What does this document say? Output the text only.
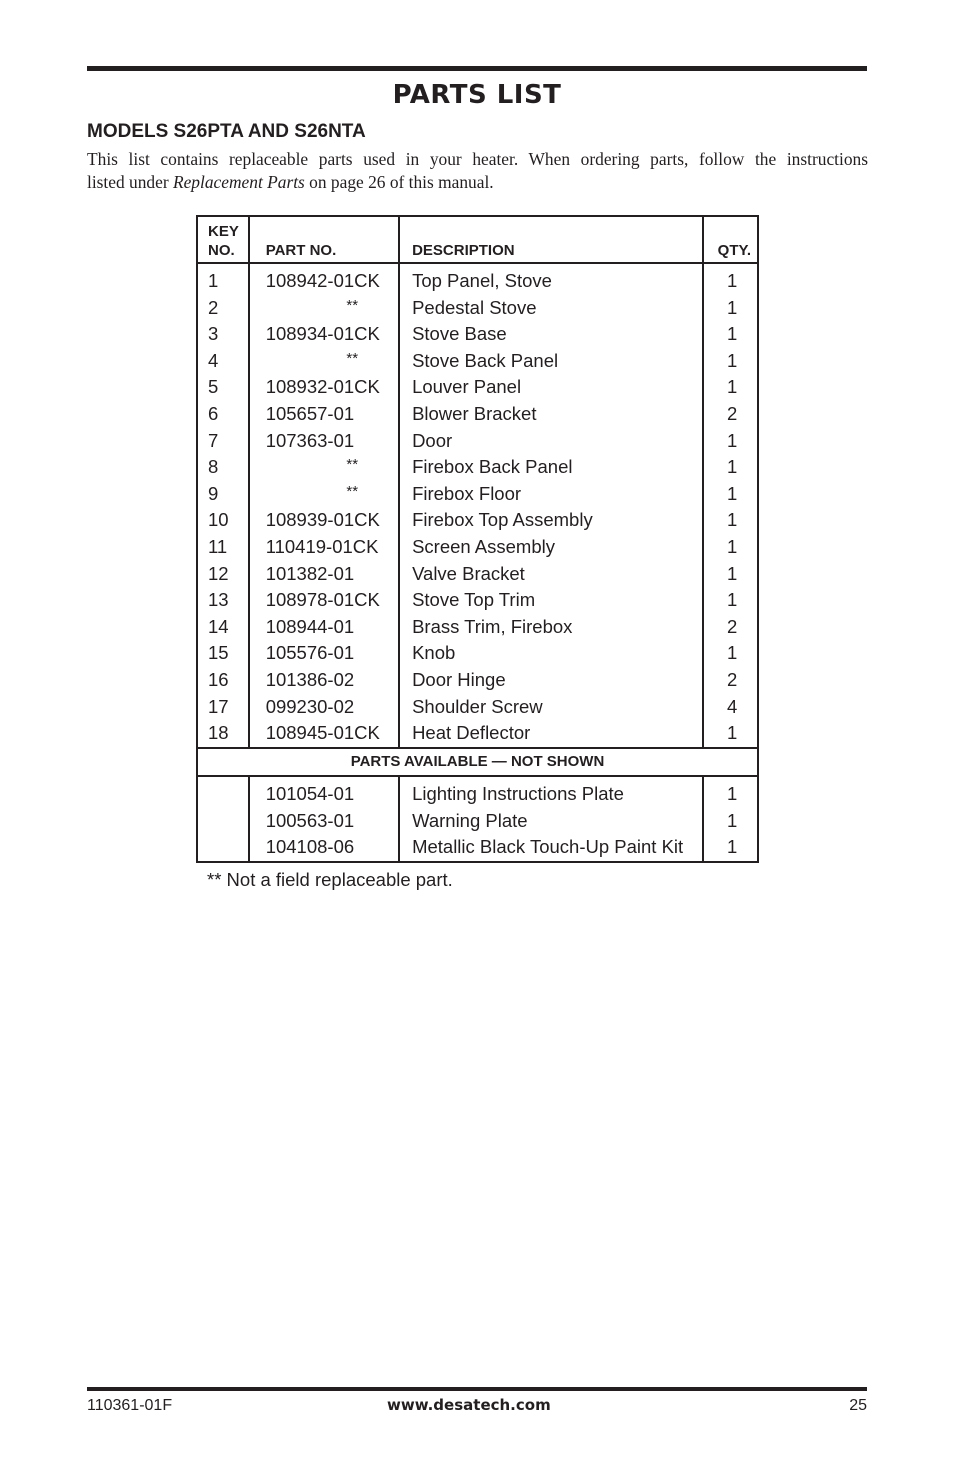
PARTS LIST
MODELS S26PTA AND S26NTA

This list contains replaceable parts used in your heater. When ordering parts, follow the instructions
listed under Replacement Parts on page 26 of this manual.

KEY
NO.	PART NO.	DESCRIPTION	QTY.
1	108942-01CK	Top Panel, Stove	1
2	**	Pedestal Stove	1
3	108934-01CK	Stove Base	1
4	**	Stove Back Panel	1
5	108932-01CK	Louver Panel	1
6	105657-01	Blower Bracket	2
7	107363-01	Door	1
8	**	Firebox Back Panel	1
9	**	Firebox Floor	1
10	108939-01CK	Firebox Top Assembly	1
11	110419-01CK	Screen Assembly	1
12	101382-01	Valve Bracket	1
13	108978-01CK	Stove Top Trim	1
14	108944-01	Brass Trim, Firebox	2
15	105576-01	Knob	1
16	101386-02	Door Hinge	2
17	099230-02	Shoulder Screw	4
18	108945-01CK	Heat Deflector	1
PARTS AVAILABLE — NOT SHOWN			
	101054-01	Lighting Instructions Plate	1
	100563-01	Warning Plate	1
	104108-06	Metallic Black Touch-Up Paint Kit	1
** Not a field replaceable part.
110361-01F	www.desatech.com	25
